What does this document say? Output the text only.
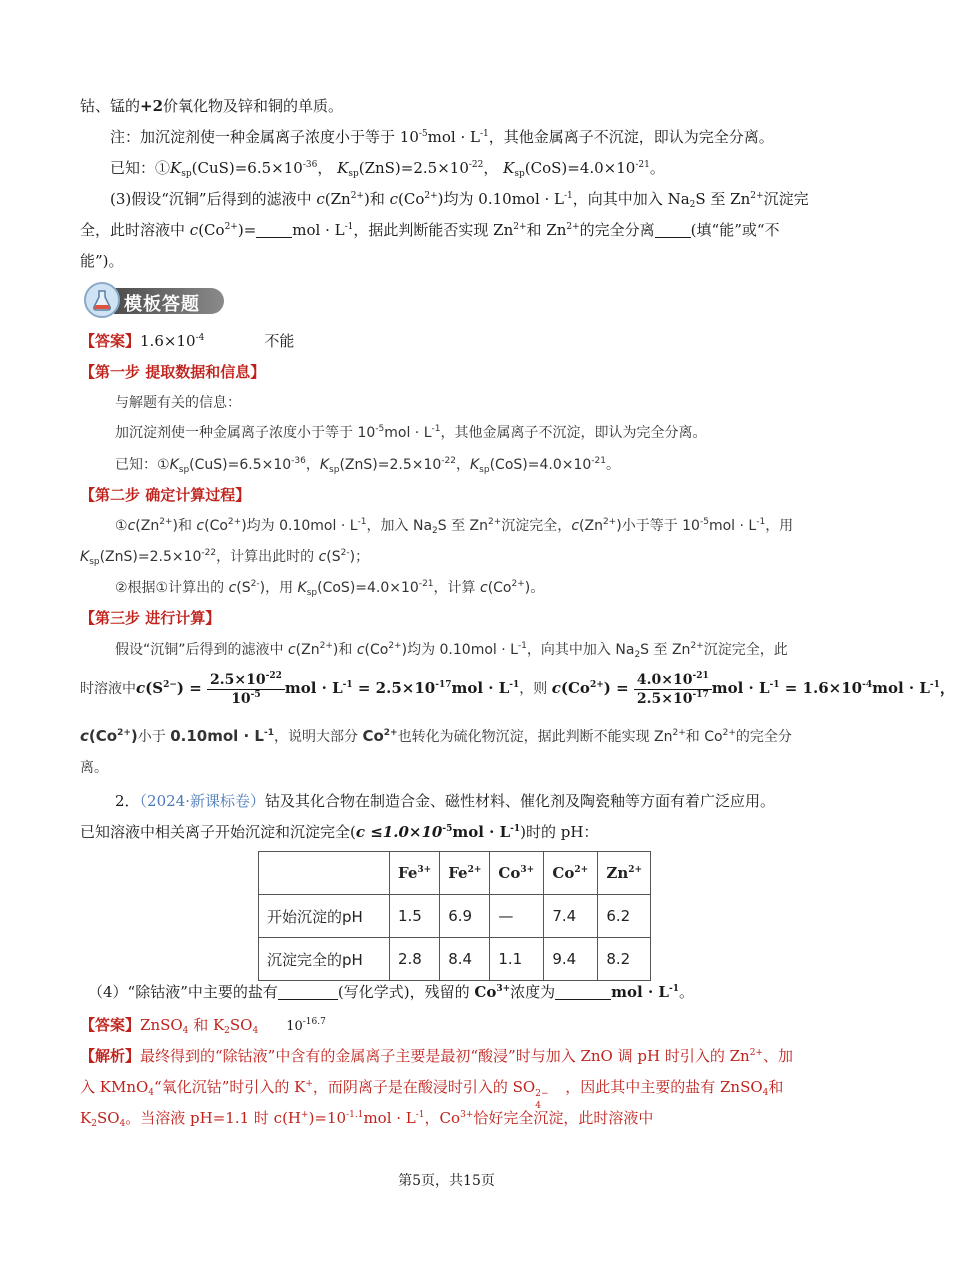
钴、锰的+2价氧化物及锌和铜的单质。
注：加沉淀剂使一种金属离子浓度小于等于 $10^{-5}mol \cdot L^{-1}$，其他金属离子不沉淀，即认为完全分离。
已知：$①K_{sp}(CuS)=6.5\times 10^{-36}$， $K_{sp}(ZnS)=2.5\times 10^{-22}$， $K_{sp}(CoS)=4.0\times 10^{-21}$。
(3)假设“沉铜”后得到的滤液中 $c(Zn^{2+})$和 $c(Co^{2+})$均为 $0.10mol \cdot L^{-1}$，向其中加入 $Na_2S$ 至 $Zn^{2+}$沉淀完
全，此时溶液中 $c(Co^{2+})=$ mol · $L^{-1}$，据此判断能否实现 $Zn^{2+}$和 $Zn^{2+}$的完全分离 (填“能”或“不
能”)。
模板答题
【答案】$1.6\times 10^{-4}$	不能
【第一步 提取数据和信息】
与解题有关的信息：
加沉淀剂使一种金属离子浓度小于等于 $10^{-5}mol \cdot L^{-1}$，其他金属离子不沉淀，即认为完全分离。
已知：$①K_{sp}(CuS)=6.5\times 10^{-36}$，$K_{sp}(ZnS)=2.5\times 10^{-22}$，$K_{sp}(CoS)=4.0\times 10^{-21}$。
【第二步 确定计算过程】
$①c(Zn^{2+})$和 $c(Co^{2+})$均为 $0.10mol \cdot L^{-1}$，加入 $Na_2S$ 至 $Zn^{2+}$沉淀完全，$c(Zn^{2+})$小于等于 $10^{-5}mol \cdot L^{-1}$，用
$K_{sp}(ZnS)=2.5\times 10^{-22}$，计算出此时的 $c(S^{2-})$；
②根据①计算出的 $c(S^{2-})$，用 $K_{sp}(CoS)=4.0\times 10^{-21}$，计算 $c(Co^{2+})$。
【第三步 进行计算】
假设“沉铜”后得到的滤液中 $c(Zn^{2+})$和 $c(Co^{2+})$均为 $0.10mol \cdot L^{-1}$，向其中加入 $Na_2S$ 至 $Zn^{2+}$沉淀完全，此
时溶液中$c(S^{2-}) = \frac{2.5\times 10^{-22}}{10^{-5}}$ mol · $L^{-1} = 2.5\times 10^{-17}mol \cdot L^{-1}$，则 $c(Co^{2+}) = \frac{4.0\times 10^{-21}}{2.5\times 10^{-17}}$ mol · $L^{-1} = 1.6\times 10^{-4}mol \cdot L^{-1}$，
$c(Co^{2+})$小于 $0.10mol \cdot L^{-1}$，说明大部分 $Co^{2+}$也转化为硫化物沉淀，据此判断不能实现 $Zn^{2+}$和 $Co^{2+}$的完全分
离。
2．（2024·新课标卷）钴及其化合物在制造合金、磁性材料、催化剂及陶瓷釉等方面有着广泛应用。
已知溶液中相关离子开始沉淀和沉淀完全$(c \le 1.0\times 10^{-5}mol \cdot L^{-1})$时的 pH：
	$Fe^{3+}$	$Fe^{2+}$	$Co^{3+}$	$Co^{2+}$	$Zn^{2+}$
开始沉淀的pH	1.5	6.9	—	7.4	6.2
沉淀完全的pH	2.8	8.4	1.1	9.4	8.2
（4）“除钴液”中主要的盐有	(写化学式)，残留的 $Co^{3+}$浓度为	mol · $L^{-1}$。
【答案】ZnSO$_4$ 和 $K_2SO_4$ $10^{-16.7}$
【解析】最终得到的“除钴液”中含有的金属离子主要是最初“酸浸”时与加入 ZnO 调 pH 时引入的 $Zn^{2+}$、加
入 KMnO$_4$“氧化沉钴”时引入的 K+，而阴离子是在酸浸时引入的 SO 2−
4
，因此其中主要的盐有 ZnSO$_4$和
$K_2SO_4$。当溶液 pH=1.1 时 $c(H^+)=10^{-1.1}mol \cdot L^{-1}$，$Co^{3+}$恰好完全沉淀，此时溶液中
第5页，共15页
